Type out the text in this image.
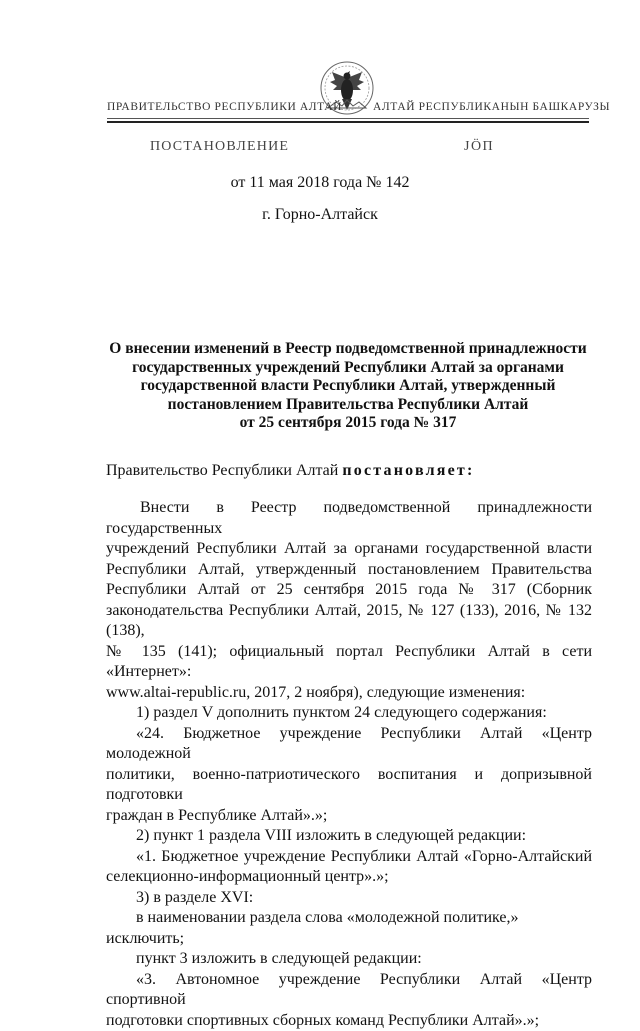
ПРАВИТЕЛЬСТВО РЕСПУБЛИКИ АЛТАЙ	АЛТАЙ РЕСПУБЛИКАНЫН БАШКАРУЗЫ
ПОСТАНОВЛЕНИЕ	ЈÖП
от 11 мая 2018 года № 142
г. Горно-Алтайск
О внесении изменений в Реестр подведомственной принадлежности
государственных учреждений Республики Алтай за органами
государственной власти Республики Алтай, утвержденный
постановлением Правительства Республики Алтай
от 25 сентября 2015 года № 317
Правительство Республики Алтай постановляет:

Внести в Реестр подведомственной принадлежности государственных

учреждений Республики Алтай за органами государственной власти

Республики Алтай, утвержденный постановлением Правительства

Республики Алтай от 25 сентября 2015 года № 317 (Сборник

законодательства Республики Алтай, 2015, № 127 (133), 2016, № 132 (138),

№ 135 (141); официальный портал Республики Алтай в сети «Интернет»:

www.altai-republic.ru, 2017, 2 ноября), следующие изменения:

1) раздел V дополнить пунктом 24 следующего содержания:

«24. Бюджетное учреждение Республики Алтай «Центр молодежной

политики, военно-патриотического воспитания и допризывной подготовки

граждан в Республике Алтай».»;

2) пункт 1 раздела VIII изложить в следующей редакции:

«1. Бюджетное учреждение Республики Алтай «Горно-Алтайский

селекционно-информационный центр».»;

3) в разделе XVI:

в наименовании раздела слова «молодежной политике,» исключить;

пункт 3 изложить в следующей редакции:

«3. Автономное учреждение Республики Алтай «Центр спортивной

подготовки спортивных сборных команд Республики Алтай».»;
